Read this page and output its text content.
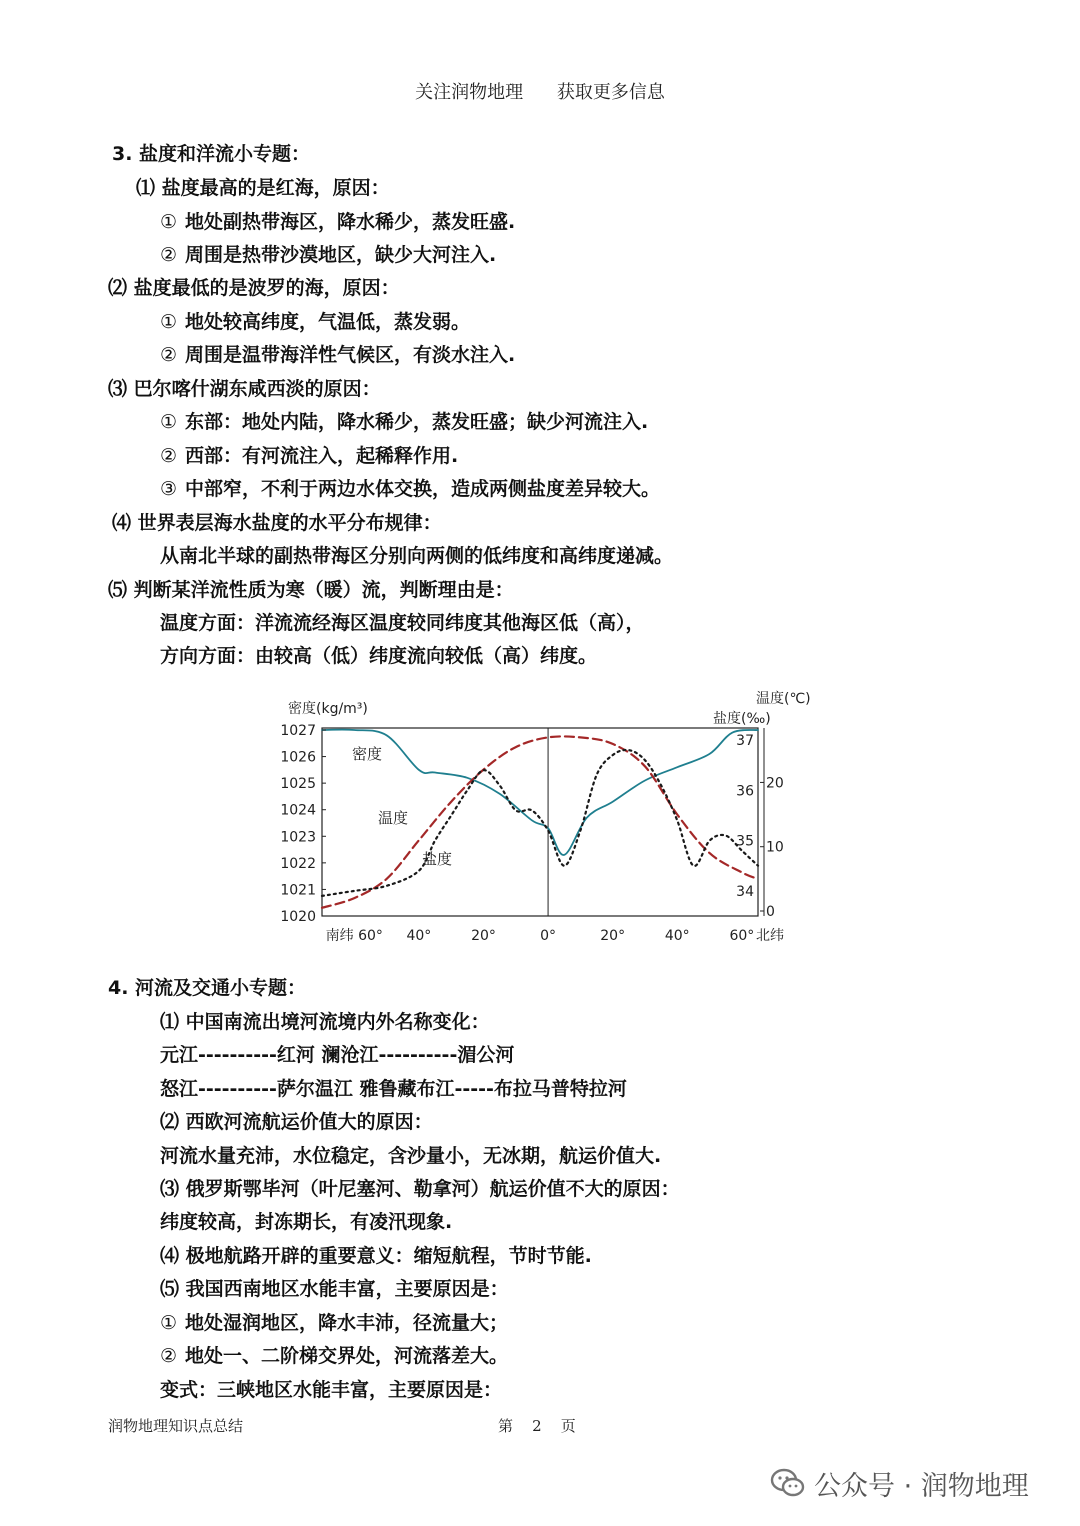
关注润物地理 获取更多信息
3. 盐度和洋流小专题：
⑴ 盐度最高的是红海，原因：
① 地处副热带海区，降水稀少，蒸发旺盛.
② 周围是热带沙漠地区，缺少大河注入.
⑵ 盐度最低的是波罗的海，原因：
① 地处较高纬度，气温低，蒸发弱。
② 周围是温带海洋性气候区，有淡水注入.
⑶ 巴尔喀什湖东咸西淡的原因：
① 东部：地处内陆，降水稀少，蒸发旺盛；缺少河流注入.
② 西部：有河流注入，起稀释作用.
③ 中部窄，不利于两边水体交换，造成两侧盐度差异较大。
⑷ 世界表层海水盐度的水平分布规律：
从南北半球的副热带海区分别向两侧的低纬度和高纬度递减。
⑸ 判断某洋流性质为寒（暖）流，判断理由是：
温度方面：洋流流经海区温度较同纬度其他海区低（高），
方向方面：由较高（低）纬度流向较低（高）纬度。
密度(kg/m³)
温度(℃)
盐度(‰)
1027
1026
1025
1024
1023
1022
1021
1020
37
36
35
34
20
10
0
南纬 60° 40°	20°	0°	20°	40°	60° 北纬
密度
温度
盐度
4. 河流及交通小专题：
⑴ 中国南流出境河流境内外名称变化：
元江----------红河 澜沧江----------湄公河
怒江----------萨尔温江 雅鲁藏布江-----布拉马普特拉河
⑵ 西欧河流航运价值大的原因：
河流水量充沛，水位稳定，含沙量小，无冰期，航运价值大.
⑶ 俄罗斯鄂毕河（叶尼塞河、勒拿河）航运价值不大的原因：
纬度较高，封冻期长，有凌汛现象.
⑷ 极地航路开辟的重要意义：缩短航程，节时节能.
⑸ 我国西南地区水能丰富，主要原因是：
① 地处湿润地区，降水丰沛，径流量大；
② 地处一、二阶梯交界处，河流落差大。
变式：三峡地区水能丰富，主要原因是：
润物地理知识点总结	第    2    页
公众号 · 润物地理
